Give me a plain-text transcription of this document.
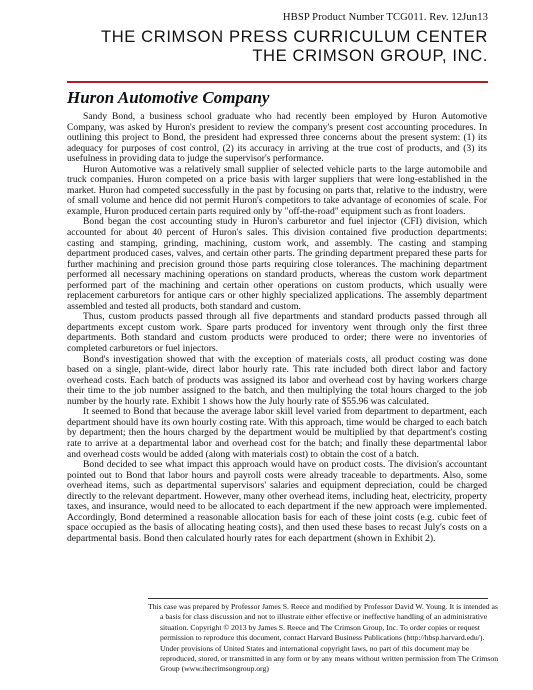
HBSP Product Number TCG011. Rev. 12Jun13
THE CRIMSON PRESS CURRICULUM CENTER
THE CRIMSON GROUP, INC.
Huron Automotive Company

Sandy Bond, a business school graduate who had recently been employed by Huron Automotive Company, was asked by Huron's president to review the company's present cost accounting procedures. In outlining this project to Bond, the president had expressed three concerns about the present system: (1) its adequacy for purposes of cost control, (2) its accuracy in arriving at the true cost of products, and (3) its usefulness in providing data to judge the supervisor's performance.

Huron Automotive was a relatively small supplier of selected vehicle parts to the large automobile and truck companies. Huron competed on a price basis with larger suppliers that were long-established in the market. Huron had competed successfully in the past by focusing on parts that, relative to the industry, were of small volume and hence did not permit Huron's competitors to take advantage of economies of scale. For example, Huron produced certain parts required only by "off-the-road" equipment such as front loaders.

Bond began the cost accounting study in Huron's carburetor and fuel injector (CFI) division, which accounted for about 40 percent of Huron's sales. This division contained five production departments: casting and stamping, grinding, machining, custom work, and assembly. The casting and stamping department produced cases, valves, and certain other parts. The grinding department prepared these parts for further machining and precision ground those parts requiring close tolerances. The machining department performed all necessary machining operations on standard products, whereas the custom work department performed part of the machining and certain other operations on custom products, which usually were replacement carburetors for antique cars or other highly specialized applications. The assembly department assembled and tested all products, both standard and custom.

Thus, custom products passed through all five departments and standard products passed through all departments except custom work. Spare parts produced for inventory went through only the first three departments. Both standard and custom products were produced to order; there were no inventories of completed carburetors or fuel injectors.

Bond's investigation showed that with the exception of materials costs, all product costing was done based on a single, plant-wide, direct labor hourly rate. This rate included both direct labor and factory overhead costs. Each batch of products was assigned its labor and overhead cost by having workers charge their time to the job number assigned to the batch, and then multiplying the total hours charged to the job number by the hourly rate. Exhibit 1 shows how the July hourly rate of $55.96 was calculated.

It seemed to Bond that because the average labor skill level varied from department to department, each department should have its own hourly costing rate. With this approach, time would be charged to each batch by department; then the hours charged by the department would be multiplied by that department's costing rate to arrive at a departmental labor and overhead cost for the batch; and finally these departmental labor and overhead costs would be added (along with materials cost) to obtain the cost of a batch.

Bond decided to see what impact this approach would have on product costs. The division's accountant pointed out to Bond that labor hours and payroll costs were already traceable to departments. Also, some overhead items, such as departmental supervisors' salaries and equipment depreciation, could be charged directly to the relevant department. However, many other overhead items, including heat, electricity, property taxes, and insurance, would need to be allocated to each department if the new approach were implemented. Accordingly, Bond determined a reasonable allocation basis for each of these joint costs (e.g. cubic feet of space occupied as the basis of allocating heating costs), and then used these bases to recast July's costs on a departmental basis. Bond then calculated hourly rates for each department (shown in Exhibit 2).

This case was prepared by Professor James S. Reece and modified by Professor David W. Young. It is intended as a basis for class discussion and not to illustrate either effective or ineffective handling of an administrative situation. Copyright © 2013 by James S. Reece and The Crimson Group, Inc. To order copies or request permission to reproduce this document, contact Harvard Business Publications (http://hbsp.harvard.edu/). Under provisions of United States and international copyright laws, no part of this document may be reproduced, stored, or transmitted in any form or by any means without written permission from The Crimson Group (www.thecrimsongroup.org)
